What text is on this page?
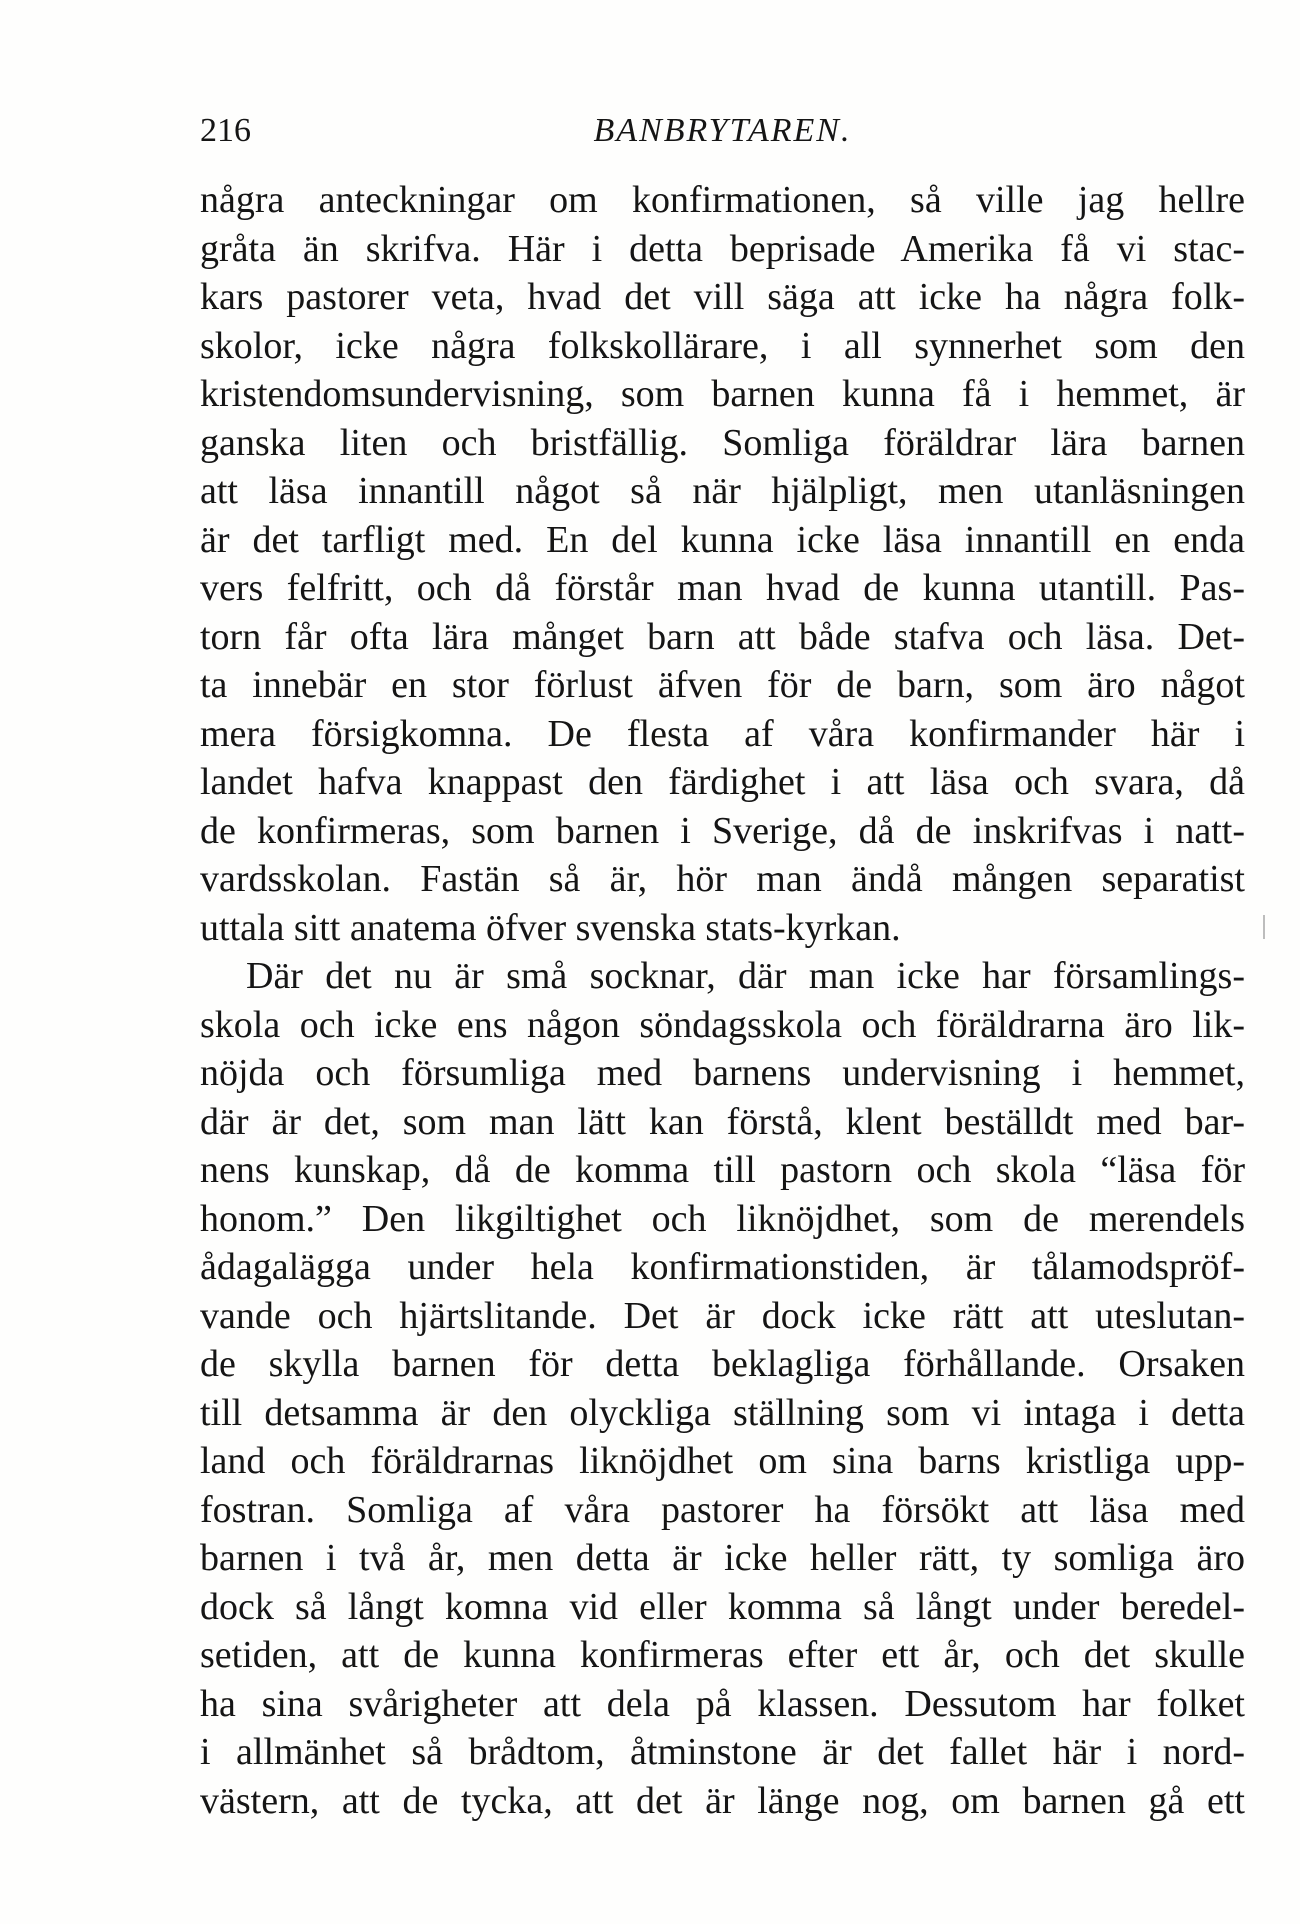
216	BANBRYTAREN.
några anteckningar om konfirmationen, så ville jag hellre
gråta än skrifva. Här i detta beprisade Amerika få vi stac-
kars pastorer veta, hvad det vill säga att icke ha några folk-
skolor, icke några folkskollärare, i all synnerhet som den
kristendomsundervisning, som barnen kunna få i hemmet, är
ganska liten och bristfällig. Somliga föräldrar lära barnen
att läsa innantill något så när hjälpligt, men utanläsningen
är det tarfligt med. En del kunna icke läsa innantill en enda
vers felfritt, och då förstår man hvad de kunna utantill. Pas-
torn får ofta lära månget barn att både stafva och läsa. Det-
ta innebär en stor förlust äfven för de barn, som äro något
mera försigkomna. De flesta af våra konfirmander här i
landet hafva knappast den färdighet i att läsa och svara, då
de konfirmeras, som barnen i Sverige, då de inskrifvas i natt-
vardsskolan. Fastän så är, hör man ändå mången separatist
uttala sitt anatema öfver svenska stats-kyrkan.
Där det nu är små socknar, där man icke har församlings-
skola och icke ens någon söndagsskola och föräldrarna äro lik-
nöjda och försumliga med barnens undervisning i hemmet,
där är det, som man lätt kan förstå, klent beställdt med bar-
nens kunskap, då de komma till pastorn och skola “läsa för
honom.” Den likgiltighet och liknöjdhet, som de merendels
ådagalägga under hela konfirmationstiden, är tålamodspröf-
vande och hjärtslitande. Det är dock icke rätt att uteslutan-
de skylla barnen för detta beklagliga förhållande. Orsaken
till detsamma är den olyckliga ställning som vi intaga i detta
land och föräldrarnas liknöjdhet om sina barns kristliga upp-
fostran. Somliga af våra pastorer ha försökt att läsa med
barnen i två år, men detta är icke heller rätt, ty somliga äro
dock så långt komna vid eller komma så långt under beredel-
setiden, att de kunna konfirmeras efter ett år, och det skulle
ha sina svårigheter att dela på klassen. Dessutom har folket
i allmänhet så brådtom, åtminstone är det fallet här i nord-
västern, att de tycka, att det är länge nog, om barnen gå ett
